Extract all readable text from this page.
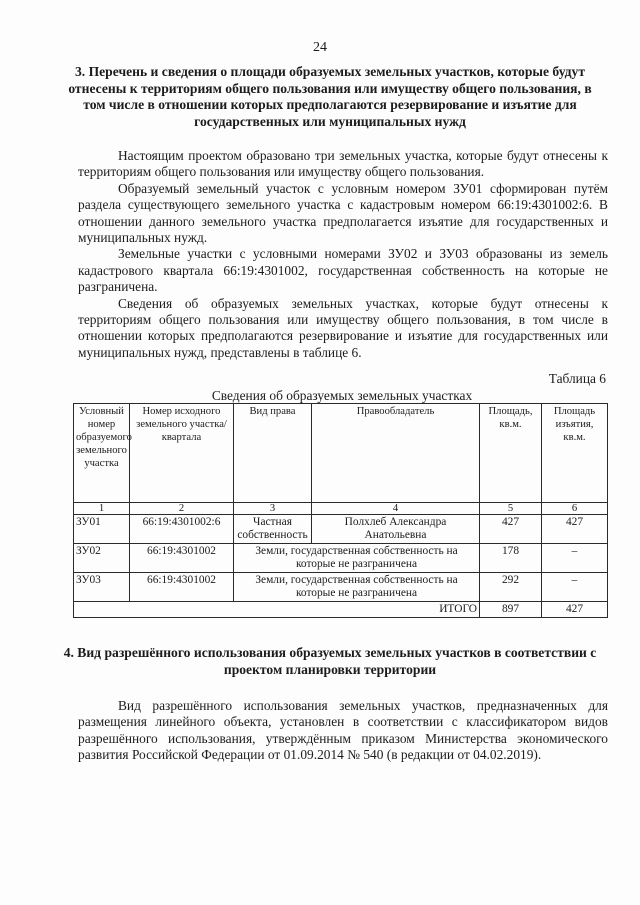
24
3. Перечень и сведения о площади образуемых земельных участков, которые будут отнесены к территориям общего пользования или имуществу общего пользования, в том числе в отношении которых предполагаются резервирование и изъятие для государственных или муниципальных нужд

Настоящим проектом образовано три земельных участка, которые будут отнесены к территориям общего пользования или имуществу общего пользования.

Образуемый земельный участок с условным номером ЗУ01 сформирован путём раздела существующего земельного участка с кадастровым номером 66:19:4301002:6. В отношении данного земельного участка предполагается изъятие для государственных и муниципальных нужд.

Земельные участки с условными номерами ЗУ02 и ЗУ03 образованы из земель кадастрового квартала 66:19:4301002, государственная собственность на которые не разграничена.

Сведения об образуемых земельных участках, которые будут отнесены к территориям общего пользования или имуществу общего пользования, в том числе в отношении которых предполагаются резервирование и изъятие для государственных или муниципальных нужд, представлены в таблице 6.

Таблица 6
Сведения об образуемых земельных участках
Условный номер образуемого земельного участка	Номер исходного земельного участка/квартала	Вид права	Правообладатель	Площадь, кв.м.	Площадь изъятия, кв.м.
1	2	3	4	5	6
ЗУ01	66:19:4301002:6	Частная собственность	Полхлеб Александра Анатольевна	427	427
ЗУ02	66:19:4301002	Земли, государственная собственность на которые не разграничена		178	–
ЗУ03	66:19:4301002	Земли, государственная собственность на которые не разграничена		292	–
ИТОГО				897	427
4. Вид разрешённого использования образуемых земельных участков в соответствии с проектом планировки территории

Вид разрешённого использования земельных участков, предназначенных для размещения линейного объекта, установлен в соответствии с классификатором видов разрешённого использования, утверждённым приказом Министерства экономического развития Российской Федерации от 01.09.2014 № 540 (в редакции от 04.02.2019).
